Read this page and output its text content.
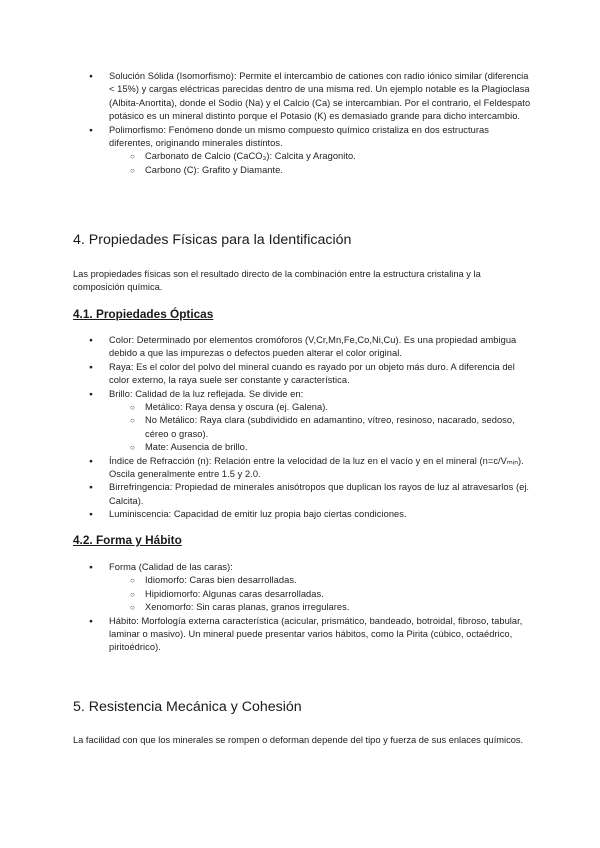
● Solución Sólida (Isomorfismo): Permite el intercambio de cationes con radio iónico similar (diferencia < 15%) y cargas eléctricas parecidas dentro de una misma red. Un ejemplo notable es la Plagioclasa (Albita-Anortita), donde el Sodio (Na) y el Calcio (Ca) se intercambian. Por el contrario, el Feldespato potásico es un mineral distinto porque el Potasio (K) es demasiado grande para dicho intercambio.
● Polimorfismo: Fenómeno donde un mismo compuesto químico cristaliza en dos estructuras diferentes, originando minerales distintos.
○ Carbonato de Calcio (CaCO₃): Calcita y Aragonito.
○ Carbono (C): Grafito y Diamante.
4. Propiedades Físicas para la Identificación

Las propiedades físicas son el resultado directo de la combinación entre la estructura cristalina y la composición química.

4.1. Propiedades Ópticas
● Color: Determinado por elementos cromóforos (V,Cr,Mn,Fe,Co,Ni,Cu). Es una propiedad ambigua debido a que las impurezas o defectos pueden alterar el color original.
● Raya: Es el color del polvo del mineral cuando es rayado por un objeto más duro. A diferencia del color externo, la raya suele ser constante y característica.
● Brillo: Calidad de la luz reflejada. Se divide en:
○ Metálico: Raya densa y oscura (ej. Galena).
○ No Metálico: Raya clara (subdividido en adamantino, vítreo, resinoso, nacarado, sedoso, céreo o graso).
○ Mate: Ausencia de brillo.
● Índice de Refracción (n): Relación entre la velocidad de la luz en el vacío y en el mineral (n=c/Vₘᵢₙ). Oscila generalmente entre 1.5 y 2.0.
● Birrefringencia: Propiedad de minerales anisótropos que duplican los rayos de luz al atravesarlos (ej. Calcita).
● Luminiscencia: Capacidad de emitir luz propia bajo ciertas condiciones.
4.2. Forma y Hábito
● Forma (Calidad de las caras):
○ Idiomorfo: Caras bien desarrolladas.
○ Hipidiomorfo: Algunas caras desarrolladas.
○ Xenomorfo: Sin caras planas, granos irregulares.
● Hábito: Morfología externa característica (acicular, prismático, bandeado, botroidal, fibroso, tabular, laminar o masivo). Un mineral puede presentar varios hábitos, como la Pirita (cúbico, octaédrico, piritoédrico).
5. Resistencia Mecánica y Cohesión

La facilidad con que los minerales se rompen o deforman depende del tipo y fuerza de sus enlaces químicos.
